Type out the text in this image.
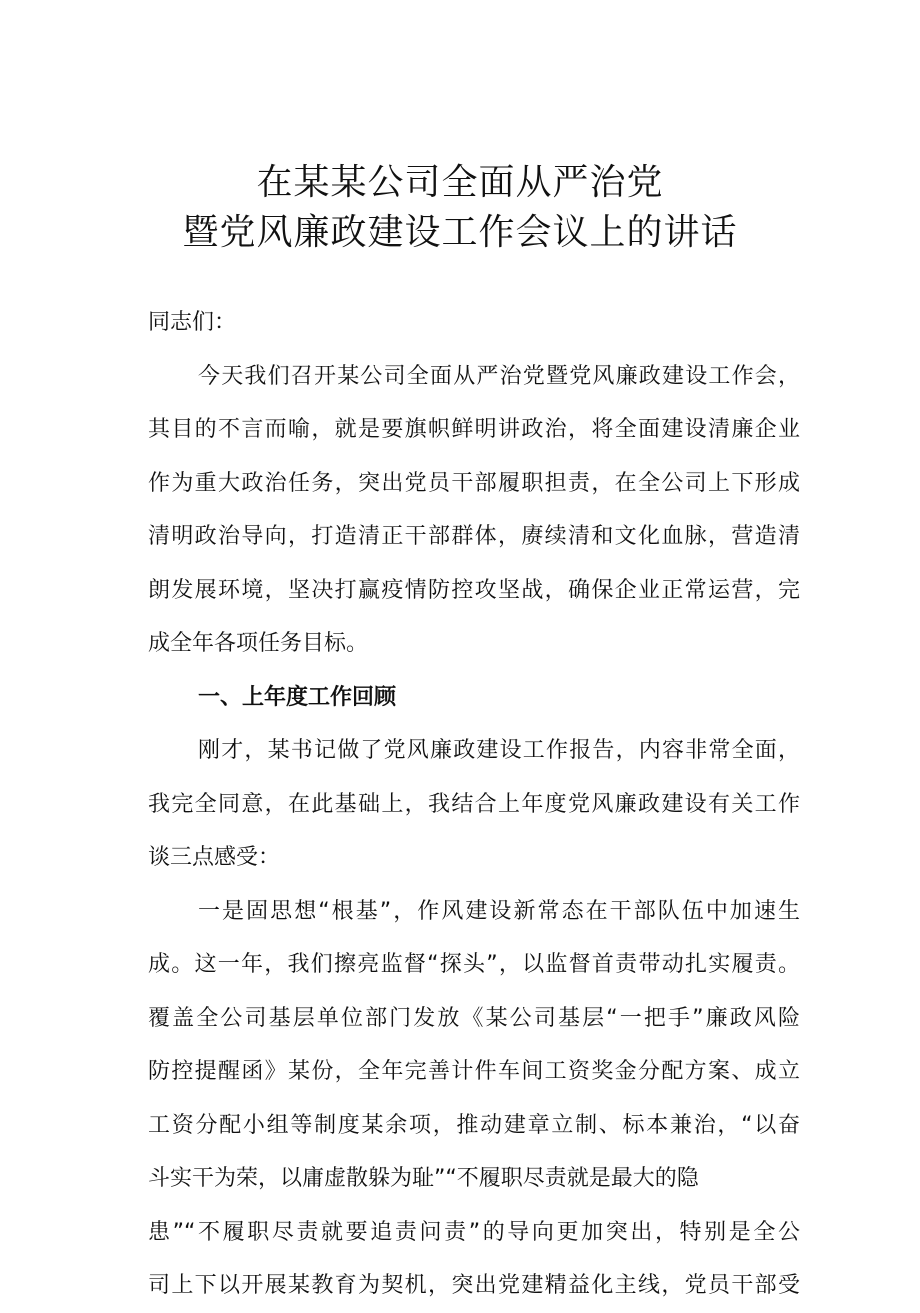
在某某公司全面从严治党
暨党风廉政建设工作会议上的讲话
同志们：
今天我们召开某公司全面从严治党暨党风廉政建设工作会，
其目的不言而喻，就是要旗帜鲜明讲政治，将全面建设清廉企业
作为重大政治任务，突出党员干部履职担责，在全公司上下形成
清明政治导向，打造清正干部群体，赓续清和文化血脉，营造清
朗发展环境，坚决打赢疫情防控攻坚战，确保企业正常运营，完
成全年各项任务目标。
一、上年度工作回顾
刚才，某书记做了党风廉政建设工作报告，内容非常全面，
我完全同意，在此基础上，我结合上年度党风廉政建设有关工作
谈三点感受：
一是固思想“根基”，作风建设新常态在干部队伍中加速生
成。这一年，我们擦亮监督“探头”，以监督首责带动扎实履责。
覆盖全公司基层单位部门发放《某公司基层“一把手”廉政风险
防控提醒函》某份，全年完善计件车间工资奖金分配方案、成立
工资分配小组等制度某余项，推动建章立制、标本兼治，“以奋
斗实干为荣，以庸虚散躲为耻”“不履职尽责就是最大的隐
患”“不履职尽责就要追责问责”的导向更加突出，特别是全公
司上下以开展某教育为契机，突出党建精益化主线，党员干部受
